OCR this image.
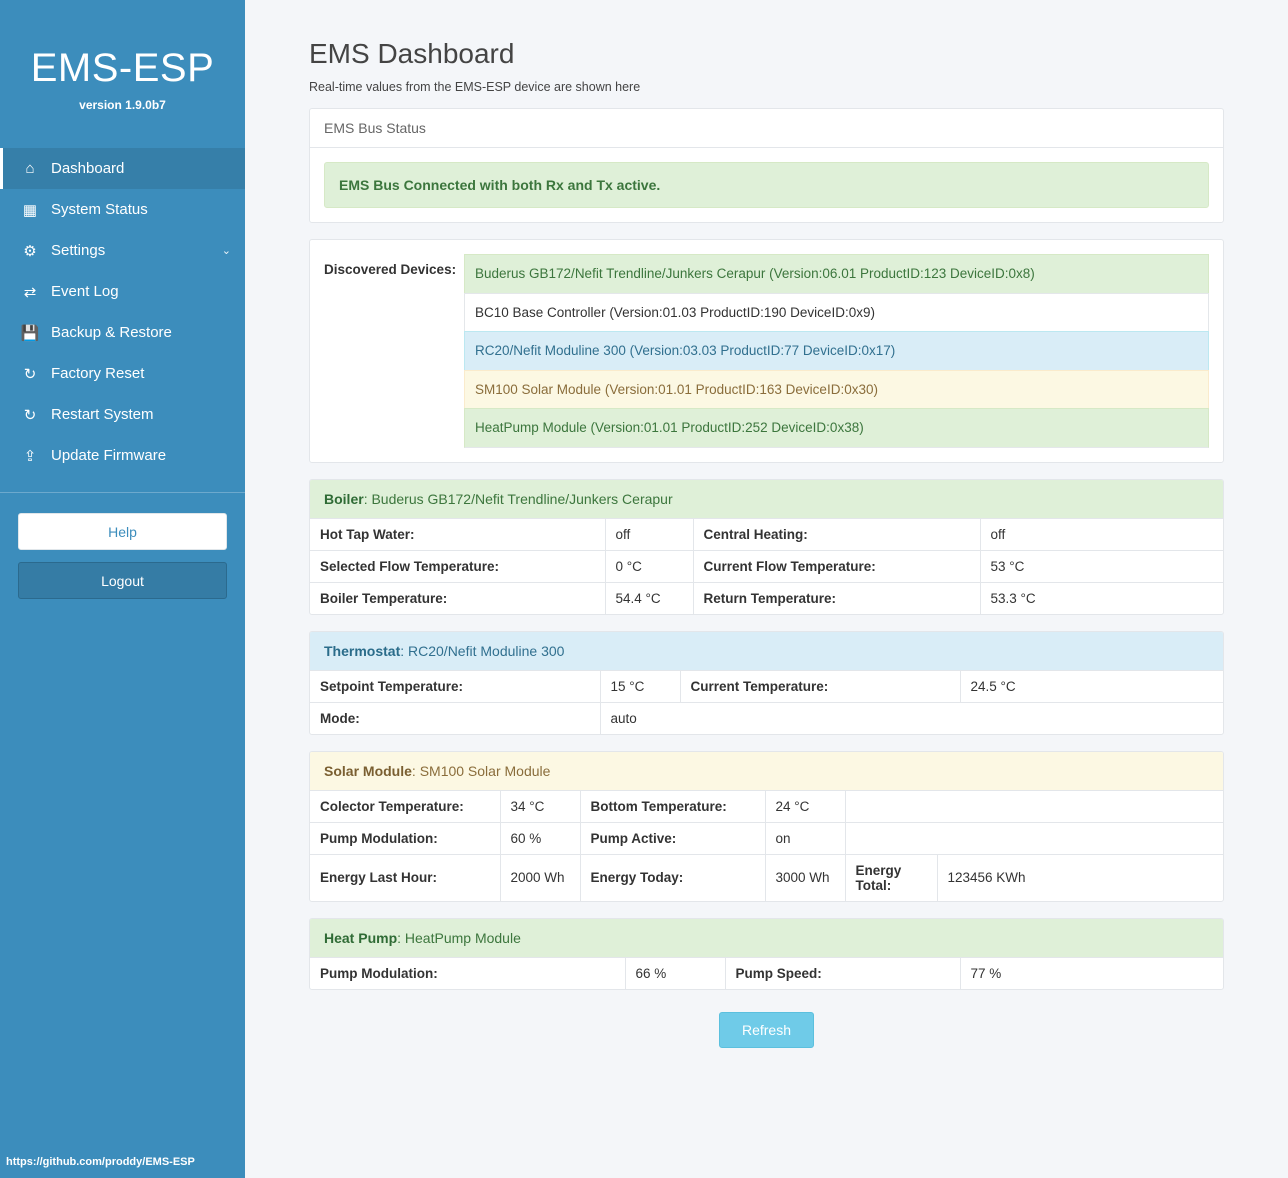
EMS-ESP
version 1.9.0b7
⌂	Dashboard
▦ System Status
⚙ Settings	⌄
⇄ Event Log
💾 Backup & Restore
↻ Factory Reset
↻ Restart System
⇪ Update Firmware
Help
Logout
https://github.com/proddy/EMS-ESP
EMS Dashboard
Real-time values from the EMS-ESP device are shown here
EMS Bus Status
EMS Bus Connected with both Rx and Tx active.
Discovered Devices:	Buderus GB172/Nefit Trendline/Junkers Cerapur (Version:06.01 ProductID:123 DeviceID:0x8)
BC10 Base Controller (Version:01.03 ProductID:190 DeviceID:0x9)
RC20/Nefit Moduline 300 (Version:03.03 ProductID:77 DeviceID:0x17)
SM100 Solar Module (Version:01.01 ProductID:163 DeviceID:0x30)
HeatPump Module (Version:01.01 ProductID:252 DeviceID:0x38)
Boiler: Buderus GB172/Nefit Trendline/Junkers Cerapur
Hot Tap Water:	off	Central Heating:	off
Selected Flow Temperature:	0 °C	Current Flow Temperature:	53 °C
Boiler Temperature:	54.4 °C	Return Temperature:	53.3 °C
Thermostat: RC20/Nefit Moduline 300
Setpoint Temperature:	15 °C	Current Temperature:	24.5 °C
Mode:	auto		
Solar Module: SM100 Solar Module
Colector Temperature:	34 °C	Bottom Temperature:	24 °C		
Pump Modulation:	60 %	Pump Active:	on		
Energy Last Hour:	2000 Wh	Energy Today:	3000 Wh	Energy Total:	123456 KWh
Heat Pump: HeatPump Module
Pump Modulation:	66 %	Pump Speed:	77 %
Refresh
